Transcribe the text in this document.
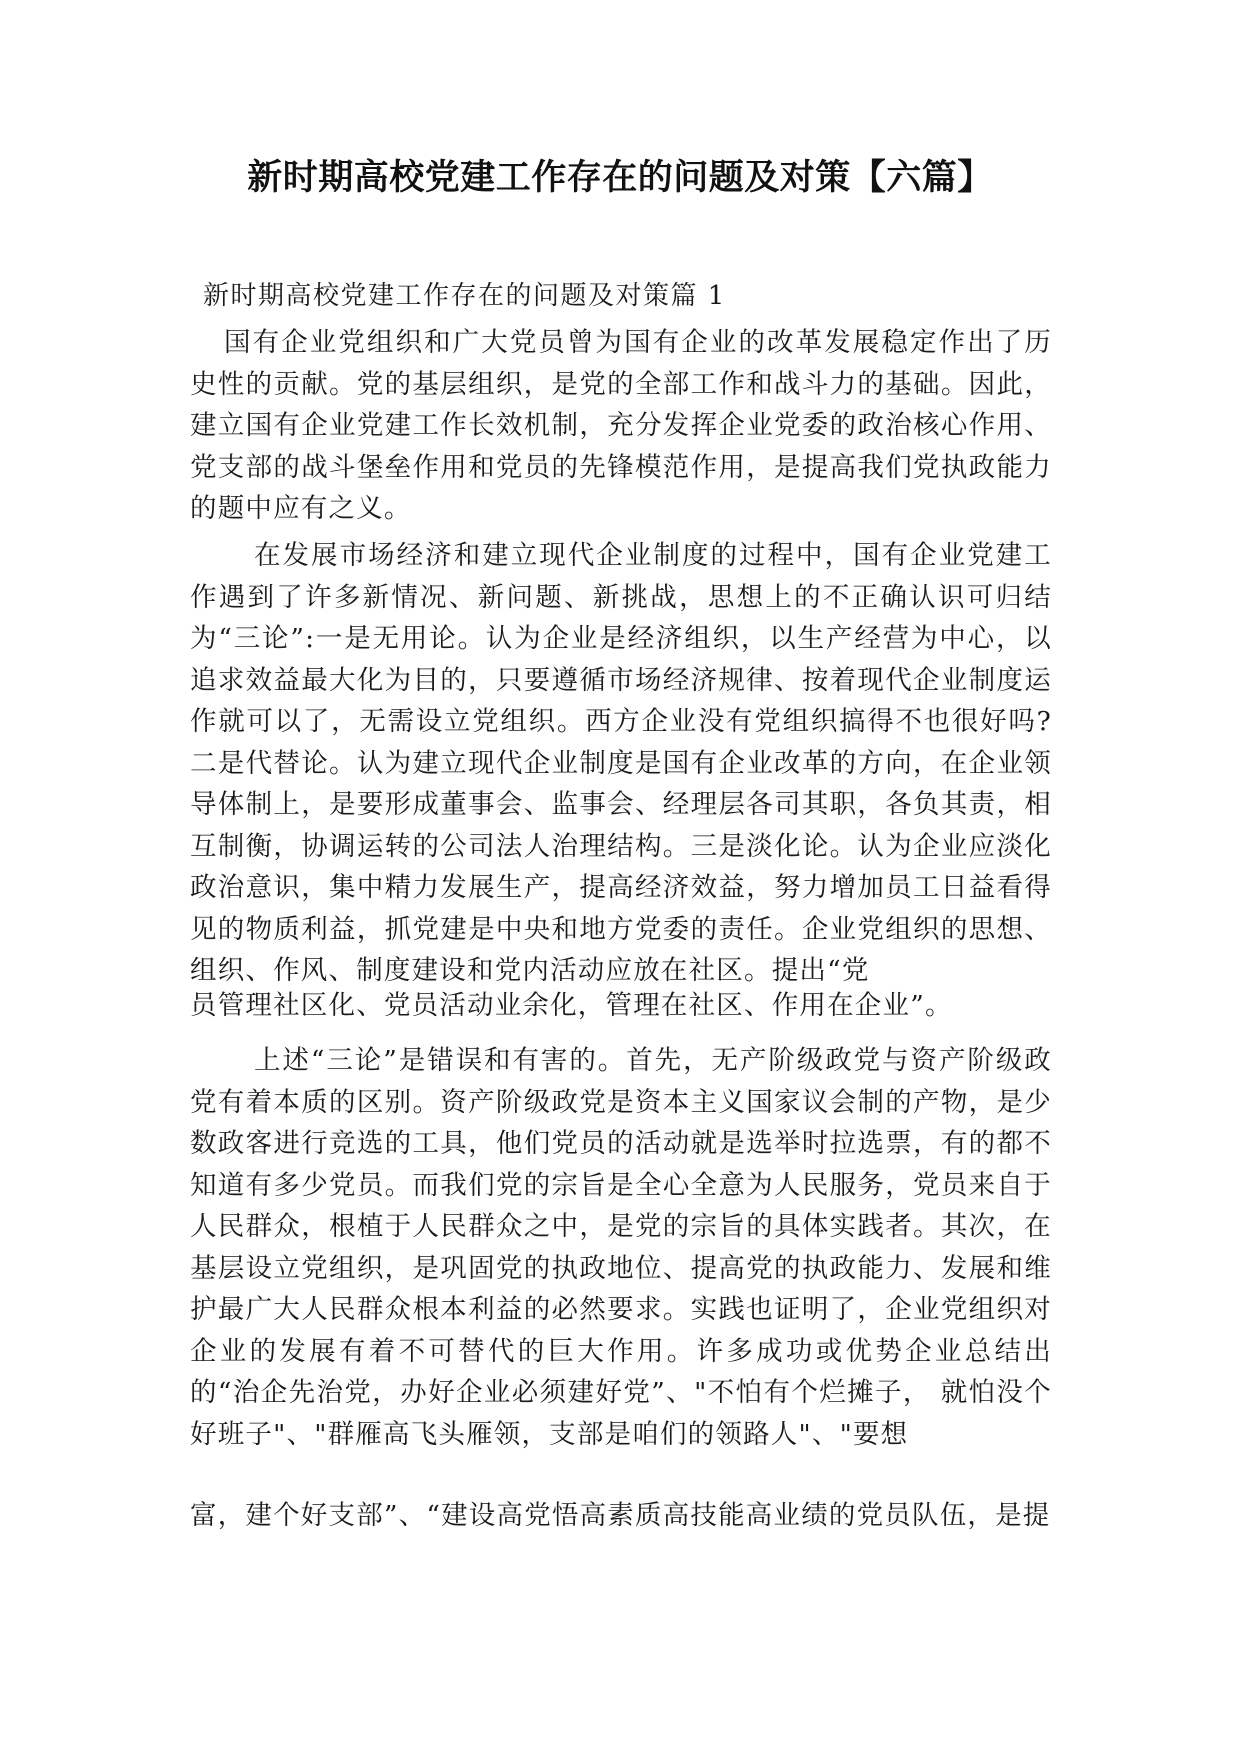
新时期高校党建工作存在的问题及对策【六篇】
新时期高校党建工作存在的问题及对策篇 1

国有企业党组织和广大党员曾为国有企业的改革发展稳定作出了历史性的贡献。党的基层组织，是党的全部工作和战斗力的基础。因此，建立国有企业党建工作长效机制，充分发挥企业党委的政治核心作用、党支部的战斗堡垒作用和党员的先锋模范作用，是提高我们党执政能力的题中应有之义。

在发展市场经济和建立现代企业制度的过程中，国有企业党建工作遇到了许多新情况、新问题、新挑战，思想上的不正确认识可归结为“三论”:一是无用论。认为企业是经济组织，以生产经营为中心，以追求效益最大化为目的，只要遵循市场经济规律、按着现代企业制度运作就可以了，无需设立党组织。西方企业没有党组织搞得不也很好吗?二是代替论。认为建立现代企业制度是国有企业改革的方向，在企业领导体制上，是要形成董事会、监事会、经理层各司其职，各负其责，相互制衡，协调运转的公司法人治理结构。三是淡化论。认为企业应淡化政治意识，集中精力发展生产，提高经济效益，努力增加员工日益看得见的物质利益，抓党建是中央和地方党委的责任。企业党组织的思想、组织、作风、制度建设和党内活动应放在社区。提出“党

员管理社区化、党员活动业余化，管理在社区、作用在企业”。

上述“三论”是错误和有害的。首先，无产阶级政党与资产阶级政党有着本质的区别。资产阶级政党是资本主义国家议会制的产物，是少数政客进行竞选的工具，他们党员的活动就是选举时拉选票，有的都不知道有多少党员。而我们党的宗旨是全心全意为人民服务，党员来自于人民群众，根植于人民群众之中，是党的宗旨的具体实践者。其次，在基层设立党组织，是巩固党的执政地位、提高党的执政能力、发展和维护最广大人民群众根本利益的必然要求。实践也证明了，企业党组织对企业的发展有着不可替代的巨大作用。许多成功或优势企业总结出的“治企先治党，办好企业必须建好党”、"不怕有个烂摊子， 就怕没个好班子"、"群雁高飞头雁领，支部是咱们的领路人"、"要想

富，建个好支部”、“建设高党悟高素质高技能高业绩的党员队伍，是提
